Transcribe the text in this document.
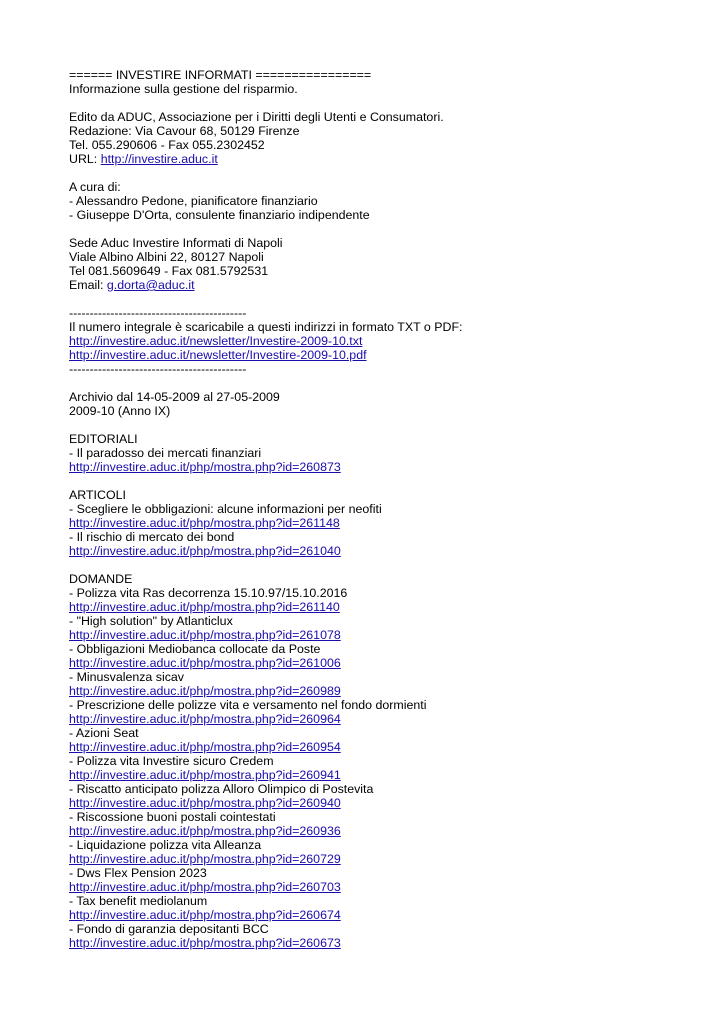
====== INVESTIRE INFORMATI ================
Informazione sulla gestione del risparmio.
Edito da ADUC, Associazione per i Diritti degli Utenti e Consumatori.
Redazione: Via Cavour 68, 50129 Firenze
Tel. 055.290606 - Fax 055.2302452
URL: http://investire.aduc.it
A cura di:
- Alessandro Pedone, pianificatore finanziario
- Giuseppe D'Orta, consulente finanziario indipendente
Sede Aduc Investire Informati di Napoli
Viale Albino Albini 22, 80127 Napoli
Tel 081.5609649 - Fax 081.5792531
Email: g.dorta@aduc.it
-------------------------------------------
Il numero integrale è scaricabile a questi indirizzi in formato TXT o PDF:
http://investire.aduc.it/newsletter/Investire-2009-10.txt
http://investire.aduc.it/newsletter/Investire-2009-10.pdf
-------------------------------------------
Archivio dal 14-05-2009 al 27-05-2009
2009-10 (Anno IX)
EDITORIALI
- Il paradosso dei mercati finanziari
http://investire.aduc.it/php/mostra.php?id=260873
ARTICOLI
- Scegliere le obbligazioni: alcune informazioni per neofiti
http://investire.aduc.it/php/mostra.php?id=261148
- Il rischio di mercato dei bond
http://investire.aduc.it/php/mostra.php?id=261040
DOMANDE
- Polizza vita Ras decorrenza 15.10.97/15.10.2016
http://investire.aduc.it/php/mostra.php?id=261140
- "High solution" by Atlanticlux
http://investire.aduc.it/php/mostra.php?id=261078
- Obbligazioni Mediobanca collocate da Poste
http://investire.aduc.it/php/mostra.php?id=261006
- Minusvalenza sicav
http://investire.aduc.it/php/mostra.php?id=260989
- Prescrizione delle polizze vita e versamento nel fondo dormienti
http://investire.aduc.it/php/mostra.php?id=260964
- Azioni Seat
http://investire.aduc.it/php/mostra.php?id=260954
- Polizza vita Investire sicuro Credem
http://investire.aduc.it/php/mostra.php?id=260941
- Riscatto anticipato polizza Alloro Olimpico di Postevita
http://investire.aduc.it/php/mostra.php?id=260940
- Riscossione buoni postali cointestati
http://investire.aduc.it/php/mostra.php?id=260936
- Liquidazione polizza vita Alleanza
http://investire.aduc.it/php/mostra.php?id=260729
- Dws Flex Pension 2023
http://investire.aduc.it/php/mostra.php?id=260703
- Tax benefit mediolanum
http://investire.aduc.it/php/mostra.php?id=260674
- Fondo di garanzia depositanti BCC
http://investire.aduc.it/php/mostra.php?id=260673
